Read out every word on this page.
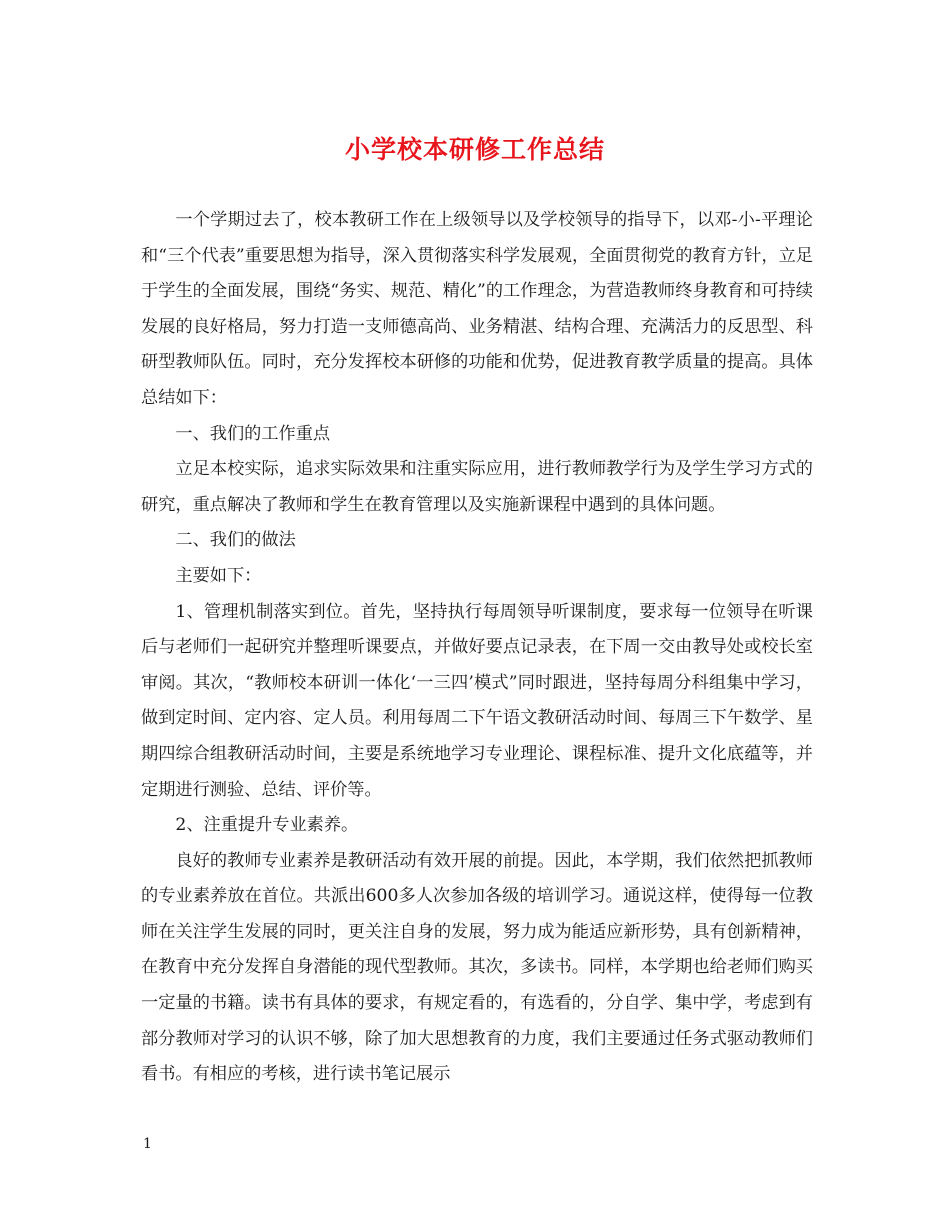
小学校本研修工作总结

一个学期过去了，校本教研工作在上级领导以及学校领导的指导下，以邓-小-平理论和“三个代表”重要思想为指导，深入贯彻落实科学发展观，全面贯彻党的教育方针，立足于学生的全面发展，围绕“务实、规范、精化”的工作理念，为营造教师终身教育和可持续发展的良好格局，努力打造一支师德高尚、业务精湛、结构合理、充满活力的反思型、科研型教师队伍。同时，充分发挥校本研修的功能和优势，促进教育教学质量的提高。具体总结如下：

一、我们的工作重点

立足本校实际，追求实际效果和注重实际应用，进行教师教学行为及学生学习方式的研究，重点解决了教师和学生在教育管理以及实施新课程中遇到的具体问题。

二、我们的做法

主要如下：

1、管理机制落实到位。首先，坚持执行每周领导听课制度，要求每一位领导在听课后与老师们一起研究并整理听课要点，并做好要点记录表，在下周一交由教导处或校长室审阅。其次，“教师校本研训一体化‘一三四’模式”同时跟进，坚持每周分科组集中学习，做到定时间、定内容、定人员。利用每周二下午语文教研活动时间、每周三下午数学、星期四综合组教研活动时间，主要是系统地学习专业理论、课程标准、提升文化底蕴等，并定期进行测验、总结、评价等。

2、注重提升专业素养。

良好的教师专业素养是教研活动有效开展的前提。因此，本学期，我们依然把抓教师的专业素养放在首位。共派出600多人次参加各级的培训学习。通说这样，使得每一位教师在关注学生发展的同时，更关注自身的发展，努力成为能适应新形势，具有创新精神，在教育中充分发挥自身潜能的现代型教师。其次，多读书。同样，本学期也给老师们购买一定量的书籍。读书有具体的要求，有规定看的，有选看的，分自学、集中学，考虑到有部分教师对学习的认识不够，除了加大思想教育的力度，我们主要通过任务式驱动教师们看书。有相应的考核，进行读书笔记展示

1
